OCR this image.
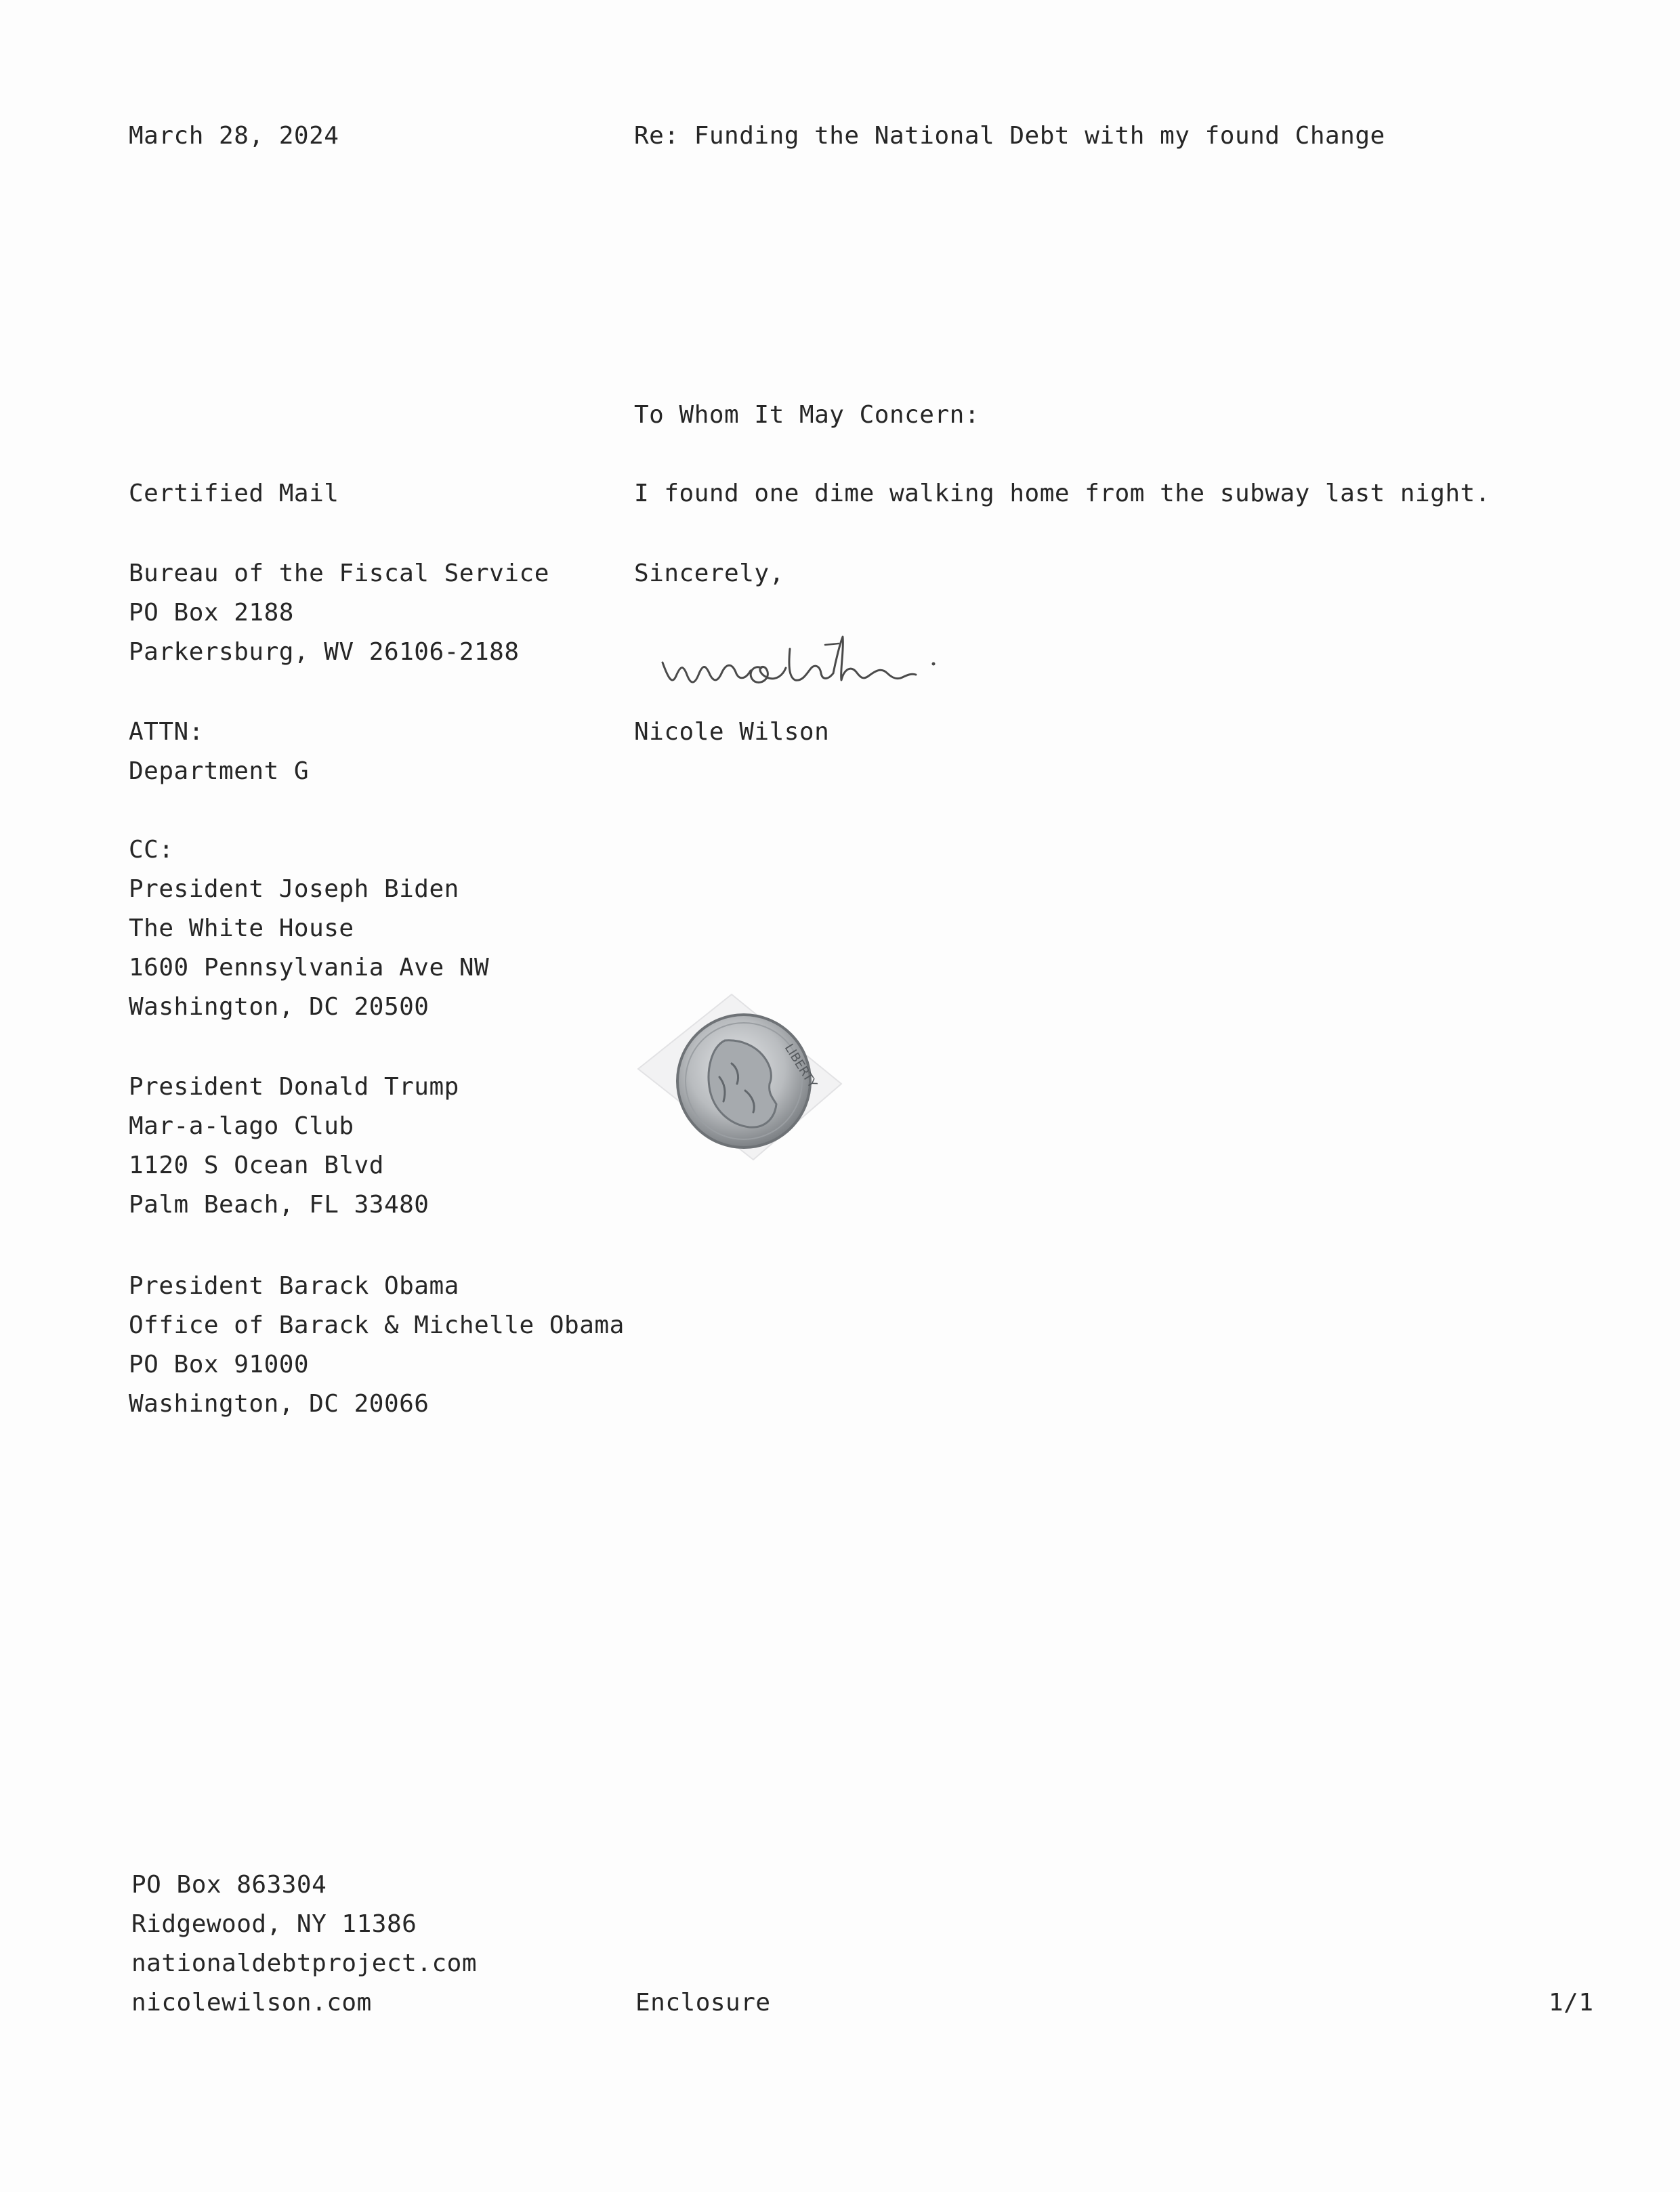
March 28, 2024	Re: Funding the National Debt with my found Change
To Whom It May Concern:
I found one dime walking home from the subway last night.
Sincerely,
Nicole Wilson
Certified Mail
Bureau of the Fiscal Service
PO Box 2188
Parkersburg, WV 26106-2188
ATTN:
Department G
CC:
President Joseph Biden
The White House
1600 Pennsylvania Ave NW
Washington, DC 20500
President Donald Trump
Mar-a-lago Club
1120 S Ocean Blvd
Palm Beach, FL 33480
President Barack Obama
Office of Barack & Michelle Obama
PO Box 91000
Washington, DC 20066
LIBERTY
PO Box 863304
Ridgewood, NY 11386
nationaldebtproject.com
nicolewilson.com	Enclosure	1/1
